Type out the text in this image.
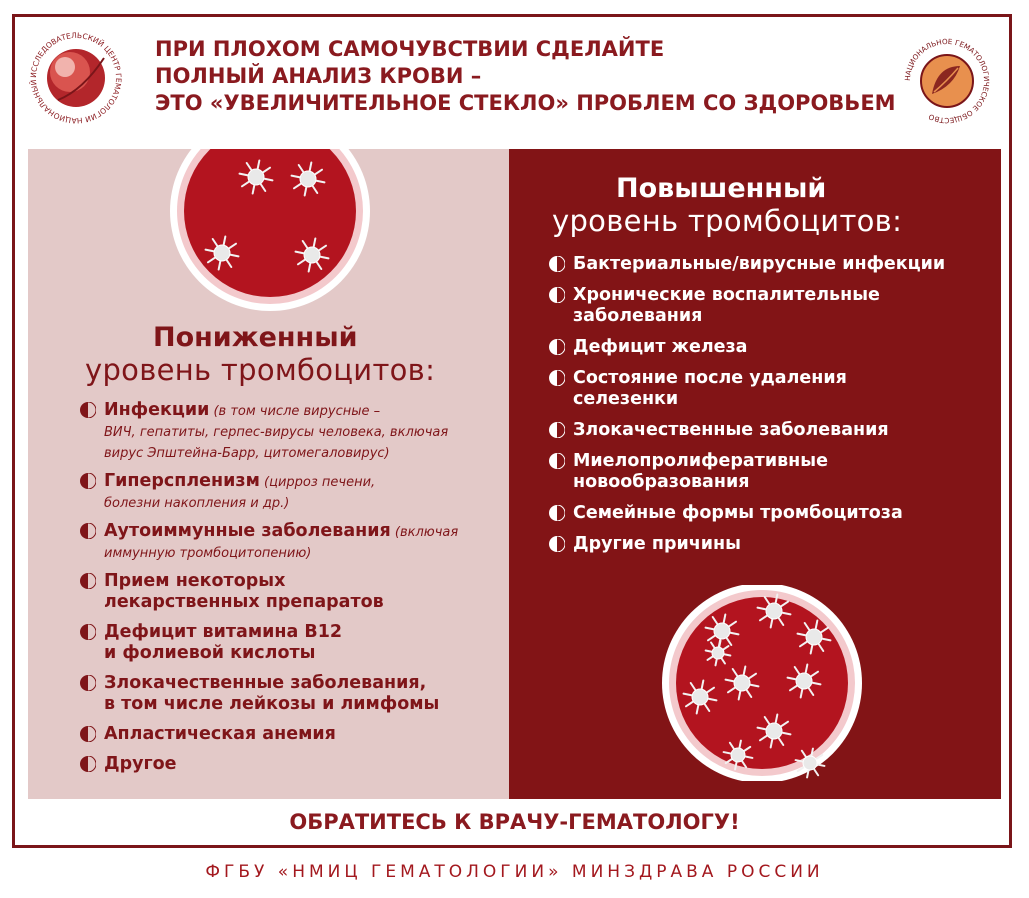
ИССЛЕДОВАТЕЛЬСКИЙ ЦЕНТР ГЕМАТОЛОГИИ НАЦИОНАЛЬНЫЙ
ПРИ ПЛОХОМ САМОЧУВСТВИИ СДЕЛАЙТЕ
ПОЛНЫЙ АНАЛИЗ КРОВИ –
ЭТО «УВЕЛИЧИТЕЛЬНОЕ СТЕКЛО» ПРОБЛЕМ СО ЗДОРОВЬЕМ
НАЦИОНАЛЬНОЕ ГЕМАТОЛОГИЧЕСКОЕ ОБЩЕСТВО
Пониженный
уровень тромбоцитов:
Повышенный
уровень тромбоцитов:
Инфекции (в том числе вирусные –
ВИЧ, гепатиты, герпес-вирусы человека, включая
вирус Эпштейна-Барр, цитомегаловирус)
Гиперспленизм (цирроз печени,
болезни накопления и др.)
Аутоиммунные заболевания (включая
иммунную тромбоцитопению)
Прием некоторых
лекарственных препаратов
Дефицит витамина В12
и фолиевой кислоты
Злокачественные заболевания,
в том числе лейкозы и лимфомы
Апластическая анемия
Другое
Бактериальные/вирусные инфекции
Хронические воспалительные
заболевания
Дефицит железа
Состояние после удаления
селезенки
Злокачественные заболевания
Миелопролиферативные
новообразования
Семейные формы тромбоцитоза
Другие причины
ОБРАТИТЕСЬ К ВРАЧУ-ГЕМАТОЛОГУ!
ФГБУ «НМИЦ ГЕМАТОЛОГИИ» МИНЗДРАВА РОССИИ
